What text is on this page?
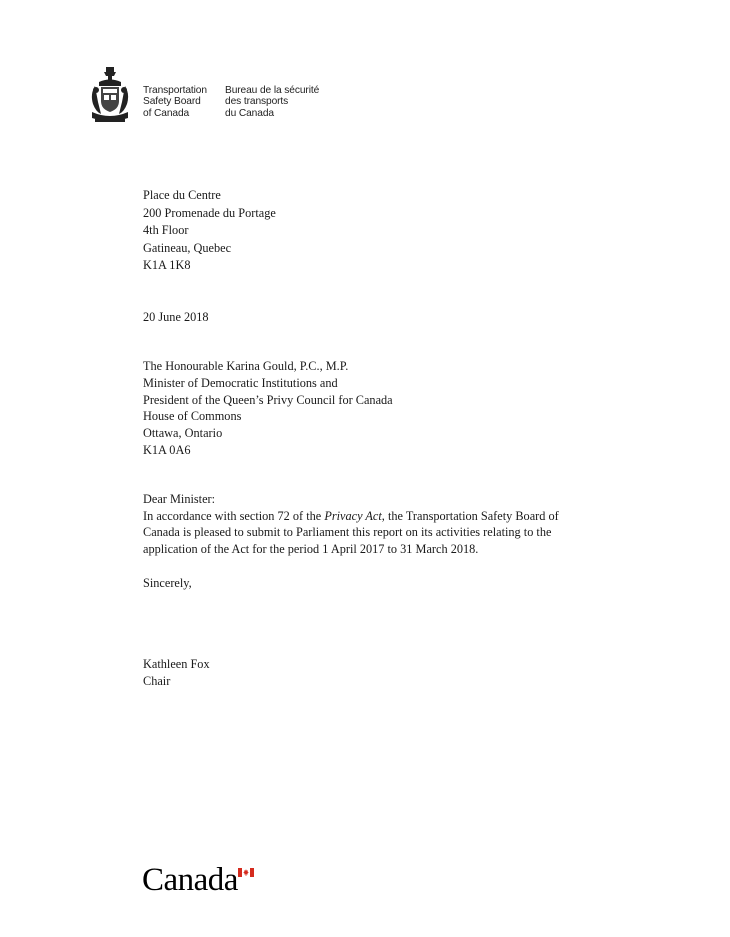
Transportation
Safety Board
of Canada
Bureau de la sécurité
des transports
du Canada
Place du Centre
200 Promenade du Portage
4th Floor
Gatineau, Quebec
K1A 1K8
20 June 2018
The Honourable Karina Gould, P.C., M.P.
Minister of Democratic Institutions and
President of the Queen’s Privy Council for Canada
House of Commons
Ottawa, Ontario
K1A 0A6
Dear Minister:
In accordance with section 72 of the Privacy Act, the Transportation Safety Board of
Canada is pleased to submit to Parliament this report on its activities relating to the
application of the Act for the period 1 April 2017 to 31 March 2018.
Sincerely,
Kathleen Fox
Chair
Canada
